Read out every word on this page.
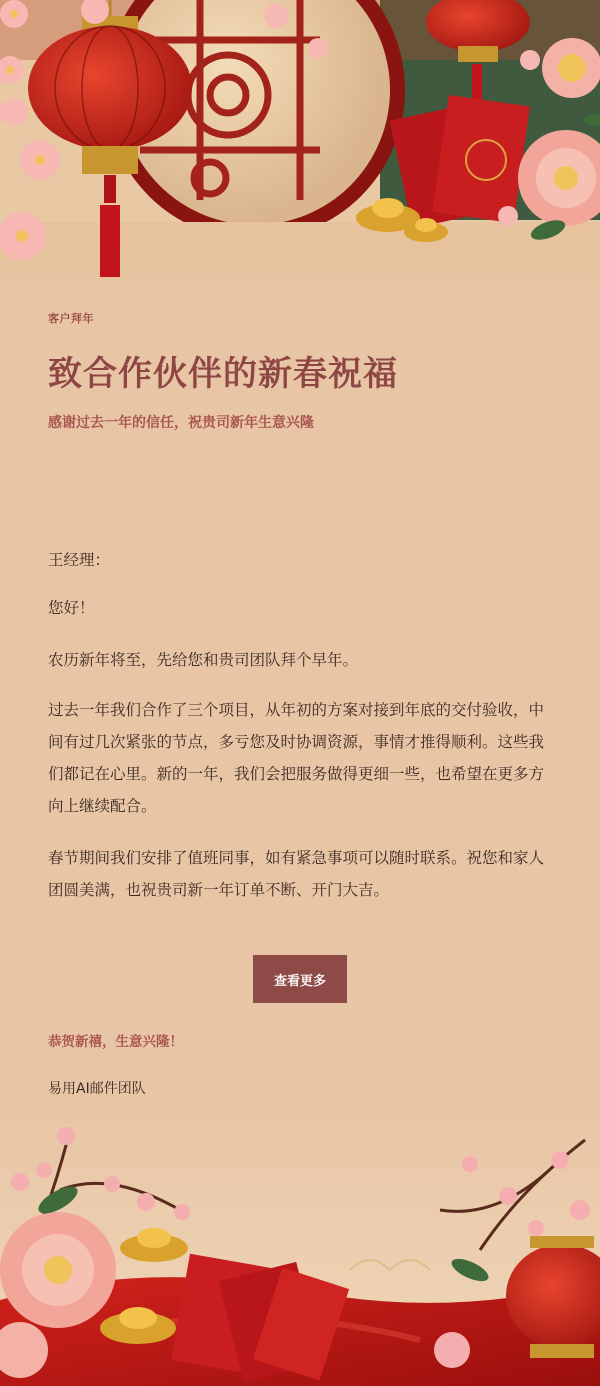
客户拜年
致合作伙伴的新春祝福
感谢过去一年的信任，祝贵司新年生意兴隆
王经理：

您好！

农历新年将至，先给您和贵司团队拜个早年。

过去一年我们合作了三个项目，从年初的方案对接到年底的交付验收，中间有过几次紧张的节点，多亏您及时协调资源，事情才推得顺利。这些我们都记在心里。新的一年，我们会把服务做得更细一些，也希望在更多方向上继续配合。

春节期间我们安排了值班同事，如有紧急事项可以随时联系。祝您和家人团圆美满，也祝贵司新一年订单不断、开门大吉。

查看更多
恭贺新禧，生意兴隆！
易用AI邮件团队
